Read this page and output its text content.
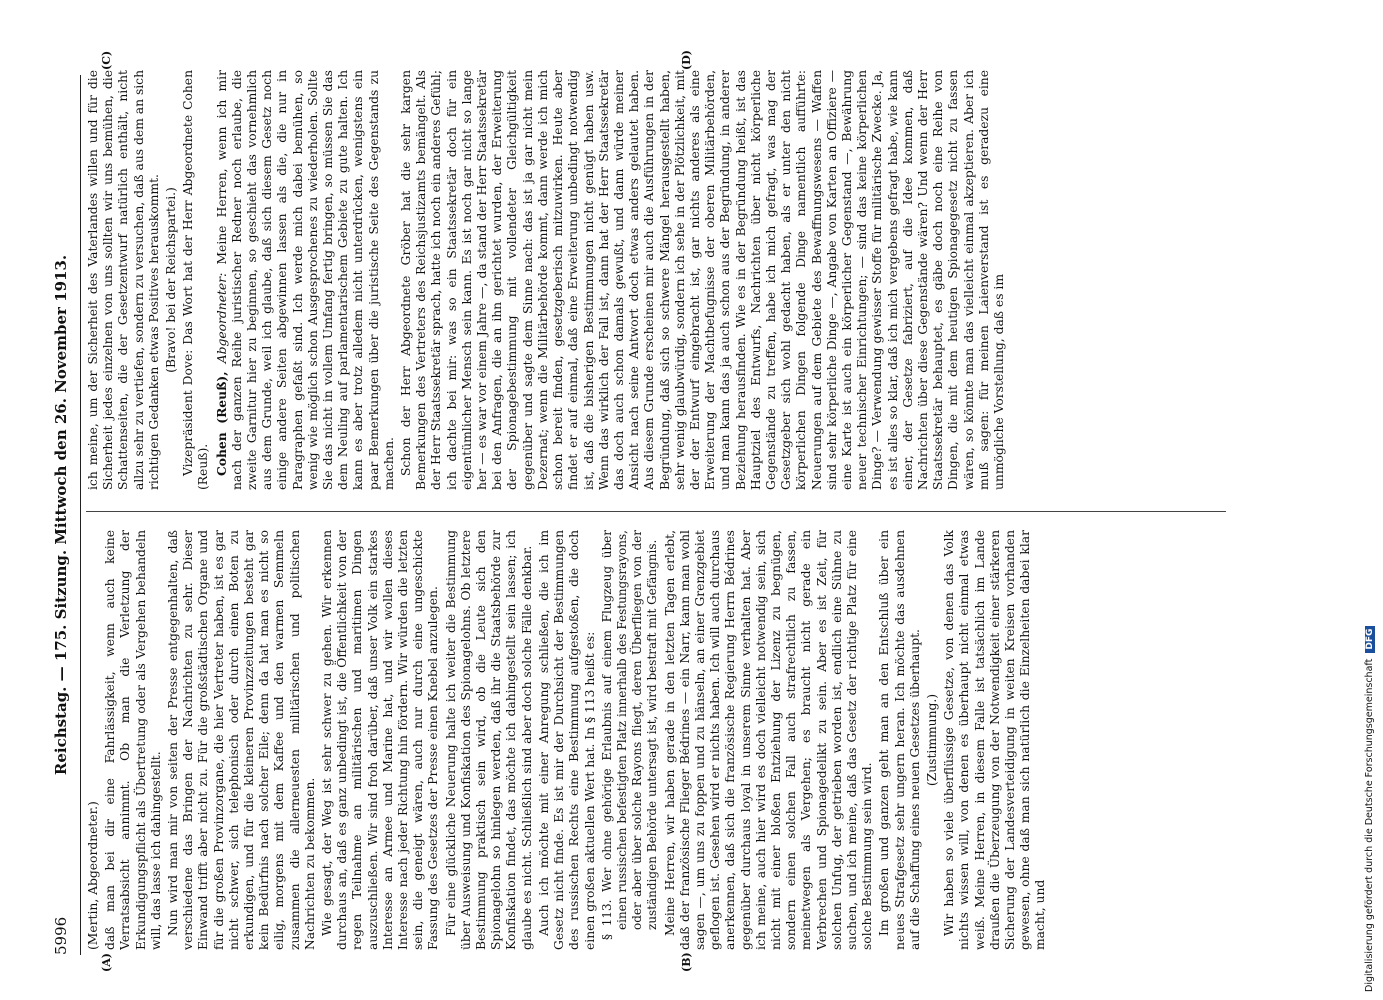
5996
Reichstag. — 175. Sitzung. Mittwoch den 26. November 1913.
(A)	(B)
(C)	(D)

(Mertin, Abgeordneter.) daß man bei dir eine Fahrlässigkeit, wenn auch keine Verratsabsicht annimmt. Ob man die Verletzung der Erkundigungspflicht als Übertretung oder als Vergehen behandeln will, das lasse ich dahingestellt. Nun wird man mir von seiten der Presse entgegenhalten, daß verschiedene das Bringen der Nachrichten zu sehr. Dieser Einwand trifft aber nicht zu. Für die großstädtischen Organe und für die großen Provinzorgane, die hier Vertreter haben, ist es gar nicht schwer, sich telephonisch oder durch einen Boten zu erkundigen, und für die kleineren Provinzzeitungen besteht gar kein Bedürfnis nach solcher Eile; denn da hat man es nicht so eilig, morgens mit dem Kaffee und den warmen Semmeln zusammen die allerneuesten militärischen und politischen Nachrichten zu bekommen. Wie gesagt, der Weg ist sehr schwer zu gehen. Wir erkennen durchaus an, daß es ganz unbedingt ist, die Öffentlichkeit von der regen Teilnahme an militärischen und maritimen Dingen auszuschließen. Wir sind froh darüber, daß unser Volk ein starkes Interesse an Armee und Marine hat, und wir wollen dieses Interesse nach jeder Richtung hin fördern. Wir würden die letzten sein, die geneigt wären, auch nur durch eine ungeschickte Fassung des Gesetzes der Presse einen Knebel anzulegen. Für eine glückliche Neuerung halte ich weiter die Bestimmung über Ausweisung und Konfiskation des Spionagelohns. Ob letztere Bestimmung praktisch sein wird, ob die Leute sich den Spionagelohn so hinlegen werden, daß ihr die Staatsbehörde zur Konfiskation findet, das möchte ich dahingestellt sein lassen; ich glaube es nicht. Schließlich sind aber doch solche Fälle denkbar. Auch ich möchte mit einer Anregung schließen, die ich im Gesetz nicht finde. Es ist mir der Durchsicht der Bestimmungen des russischen Rechts eine Bestimmung aufgestoßen, die doch einen großen aktuellen Wert hat. In § 113 heißt es: § 113. Wer ohne gehörige Erlaubnis auf einem Flugzeug über einen russischen befestigten Platz innerhalb des Festungsrayons, oder aber über solche Rayons fliegt, deren Überfliegen von der zuständigen Behörde untersagt ist, wird bestraft mit Gefängnis. Meine Herren, wir haben gerade in den letzten Tagen erlebt, daß der französische Flieger Bédrines — ein Narr, kann man wohl sagen —, um uns zu foppen und zu hänseln, an einer Grenzgebiet geflogen ist. Gesehen wird er nichts haben. Ich will auch durchaus anerkennen, daß sich die französische Regierung Herrn Bédrines gegenüber durchaus loyal in unserem Sinne verhalten hat. Aber ich meine, auch hier wird es doch vielleicht notwendig sein, sich nicht mit einer bloßen Entziehung der Lizenz zu begnügen, sondern einen solchen Fall auch strafrechtlich zu fassen, meinetwegen als Vergehen; es braucht nicht gerade ein Verbrechen und Spionagedelikt zu sein. Aber es ist Zeit, für solchen Unfug, der getrieben worden ist, endlich eine Sühne zu suchen, und ich meine, daß das Gesetz der richtige Platz für eine solche Bestimmung sein wird. Im großen und ganzen geht man an den Entschluß über ein neues Strafgesetz sehr ungern heran. Ich möchte das ausdehnen auf die Schaffung eines neuen Gesetzes überhaupt. (Zustimmung.) Wir haben so viele überflüssige Gesetze, von denen das Volk nichts wissen will, von denen es überhaupt nicht einmal etwas weiß. Meine Herren, in diesem Falle ist tatsächlich im Lande draußen die Überzeugung von der Notwendigkeit einer stärkeren Sicherung der Landesverteidigung in weiten Kreisen vorhanden gewesen, ohne daß man sich natürlich die Einzelheiten dabei klar macht, und

ich meine, um der Sicherheit des Vaterlandes willen und für die Sicherheit jedes einzelnen von uns sollten wir uns bemühen, die Schattenseiten, die der Gesetzentwurf natürlich enthält, nicht allzu sehr zu vertiefen, sondern zu versuchen, daß aus dem an sich richtigen Gedanken etwas Positives herauskommt. (Bravo! bei der Reichspartei.) Vizepräsident Dove: Das Wort hat der Herr Abgeordnete Cohen (Reuß). Cohen (Reuß), Abgeordneter: Meine Herren, wenn ich mir nach der ganzen Reihe juristischer Redner noch erlaube, die zweite Garnitur hier zu beginnen, so geschieht das vornehmlich aus dem Grunde, weil ich glaube, daß sich diesem Gesetz noch einige andere Seiten abgewinnen lassen als die, die nur in Paragraphen gefaßt sind. Ich werde mich dabei bemühen, so wenig wie möglich schon Ausgesprochenes zu wiederholen. Sollte Sie das nicht in vollem Umfang fertig bringen, so müssen Sie das dem Neuling auf parlamentarischem Gebiete zu gute halten. Ich kann es aber trotz alledem nicht unterdrücken, wenigstens ein paar Bemerkungen über die juristische Seite des Gegenstands zu machen. Schon der Herr Abgeordnete Gröber hat die sehr kargen Bemerkungen des Vertreters des Reichsjustizamts bemängelt. Als der Herr Staatssekretär sprach, hatte ich noch ein anderes Gefühl; ich dachte bei mir: was so ein Staatssekretär doch für ein eigentümlicher Mensch sein kann. Es ist noch gar nicht so lange her — es war vor einem Jahre —, da stand der Herr Staatssekretär bei den Anfragen, die an ihn gerichtet wurden, der Erweiterung der Spionagebestimmung mit vollendeter Gleichgültigkeit gegenüber und sagte dem Sinne nach: das ist ja gar nicht mein Dezernat; wenn die Militärbehörde kommt, dann werde ich mich schon bereit finden, gesetzgeberisch mitzuwirken. Heute aber findet er auf einmal, daß eine Erweiterung unbedingt notwendig ist, daß die bisherigen Bestimmungen nicht genügt haben usw. Wenn das wirklich der Fall ist, dann hat der Herr Staatssekretär das doch auch schon damals gewußt, und dann würde meiner Ansicht nach seine Antwort doch etwas anders gelautet haben. Aus diesem Grunde erscheinen mir auch die Ausführungen in der Begründung, daß sich so schwere Mängel herausgestellt haben, sehr wenig glaubwürdig, sondern ich sehe in der Plötzlichkeit, mit der der Entwurf eingebracht ist, gar nichts anderes als eine Erweiterung der Machtbefugnisse der oberen Militärbehörden, und man kann das ja auch schon aus der Begründung, in anderer Beziehung herausfinden. Wie es in der Begründung heißt, ist das Hauptziel des Entwurfs, Nachrichten über nicht körperliche Gegenstände zu treffen, habe ich mich gefragt, was mag der Gesetzgeber sich wohl gedacht haben, als er unter den nicht körperlichen Dingen folgende Dinge namentlich aufführte: Neuerungen auf dem Gebiete des Bewaffnungswesens — Waffen sind sehr körperliche Dinge —, Angabe von Karten an Offiziere — eine Karte ist auch ein körperlicher Gegenstand —, Bewährung neuer technischer Einrichtungen; — sind das keine körperlichen Dinge? — Verwendung gewisser Stoffe für militärische Zwecke. Ja, es ist alles so klar, daß ich mich vergebens gefragt habe, wie kann einer, der Gesetze fabriziert, auf die Idee kommen, daß Nachrichten über diese Gegenstände wären? Und wenn der Herr Staatssekretär behauptet, es gäbe doch noch eine Reihe von Dingen, die mit dem heutigen Spionagegesetz nicht zu fassen wären, so könnte man das vielleicht einmal akzeptieren. Aber ich muß sagen: für meinen Laienverstand ist es geradezu eine unmögliche Vorstellung, daß es im

Digitalisierung gefördert durch die Deutsche Forschungsgemeinschaft DFG
